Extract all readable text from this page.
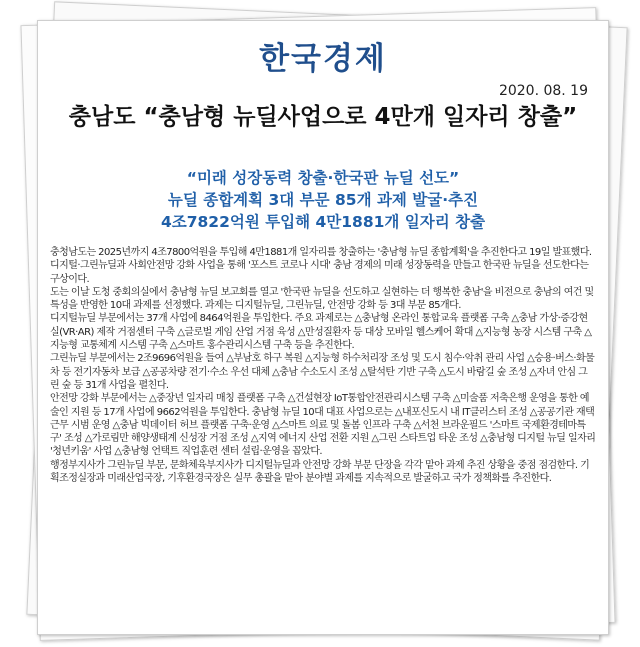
한국경제
2020. 08. 19
충남도 “충남형 뉴딜사업으로 4만개 일자리 창출”
“미래 성장동력 창출·한국판 뉴딜 선도”
뉴딜 종합계획 3대 부문 85개 과제 발굴·추진
4조7822억원 투입해 4만1881개 일자리 창출

충청남도는 2025년까지 4조7800억원을 투입해 4만1881개 일자리를 창출하는 '충남형 뉴딜 종합계획'을 추진한다고 19일 발표했다.

디지털·그린뉴딜과 사회안전망 강화 사업을 통해 '포스트 코로나 시대' 충남 경제의 미래 성장동력을 만들고 한국판 뉴딜을 선도한다는 구상이다.

도는 이날 도청 중회의실에서 충남형 뉴딜 보고회를 열고 '한국판 뉴딜을 선도하고 실현하는 더 행복한 충남'을 비전으로 충남의 여건 및 특성을 반영한 10대 과제를 선정했다. 과제는 디지털뉴딜, 그린뉴딜, 안전망 강화 등 3대 부문 85개다.

디지털뉴딜 부문에서는 37개 사업에 8464억원을 투입한다. 주요 과제로는 △충남형 온라인 통합교육 플랫폼 구축 △충남 가상·증강현실(VR·AR) 제작 거점센터 구축 △글로벌 게임 산업 거점 육성 △만성질환자 등 대상 모바일 헬스케어 확대 △지능형 농장 시스템 구축 △지능형 교통체계 시스템 구축 △스마트 홍수관리시스템 구축 등을 추진한다.

그린뉴딜 부문에서는 2조9696억원을 들여 △부남호 하구 복원 △지능형 하수처리장 조성 및 도시 침수·악취 관리 사업 △승용·버스·화물차 등 전기자동차 보급 △공공차량 전기·수소 우선 대체 △충남 수소도시 조성 △탈석탄 기반 구축 △도시 바람길 숲 조성 △자녀 안심 그린 숲 등 31개 사업을 펼친다.

안전망 강화 부문에서는 △중장년 일자리 매칭 플랫폼 구축 △건설현장 IoT통합안전관리시스템 구축 △미술품 저축은행 운영을 통한 예술인 지원 등 17개 사업에 9662억원을 투입한다. 충남형 뉴딜 10대 대표 사업으로는 △내포신도시 내 IT클러스터 조성 △공공기관 재택근무 시범 운영 △충남 빅데이터 허브 플랫폼 구축·운영 △스마트 의료 및 돌봄 인프라 구축 △서천 브라운필드 '스마트 국제환경테마특구' 조성 △가로림만 해양생태계 신성장 거점 조성 △지역 에너지 산업 전환 지원 △그린 스타트업 타운 조성 △충남형 디지털 뉴딜 일자리 '청년키움' 사업 △충남형 언택트 직업훈련 센터 설립·운영을 꼽았다.

행정부지사가 그린뉴딜 부문, 문화체육부지사가 디지털뉴딜과 안전망 강화 부문 단장을 각각 맡아 과제 추진 상황을 중점 점검한다. 기획조정실장과 미래산업국장, 기후환경국장은 실무 총괄을 맡아 분야별 과제를 지속적으로 발굴하고 국가 정책화를 추진한다.
